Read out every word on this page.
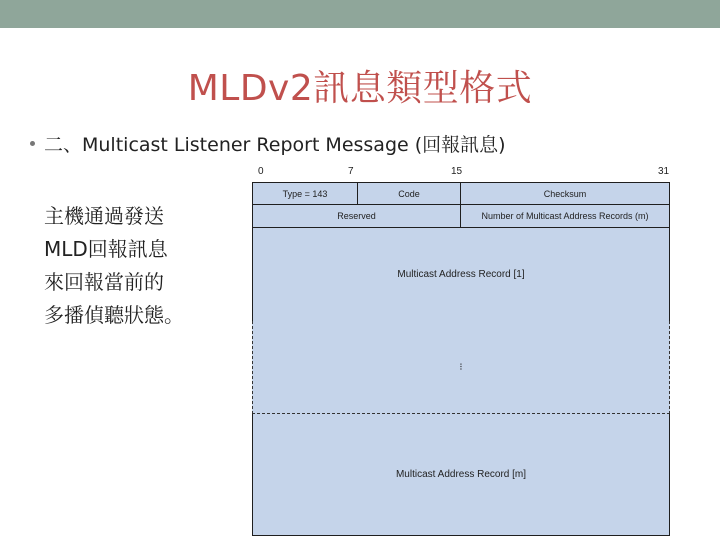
MLDv2訊息類型格式
二、Multicast Listener Report Message (回報訊息)
主機通過發送
MLD回報訊息
來回報當前的
多播偵聽狀態。
0	7	15	31
Type = 143	Code	Checksum
Reserved	Number of Multicast Address Records (m)
Multicast Address Record [1]
⁝
Multicast Address Record [m]
